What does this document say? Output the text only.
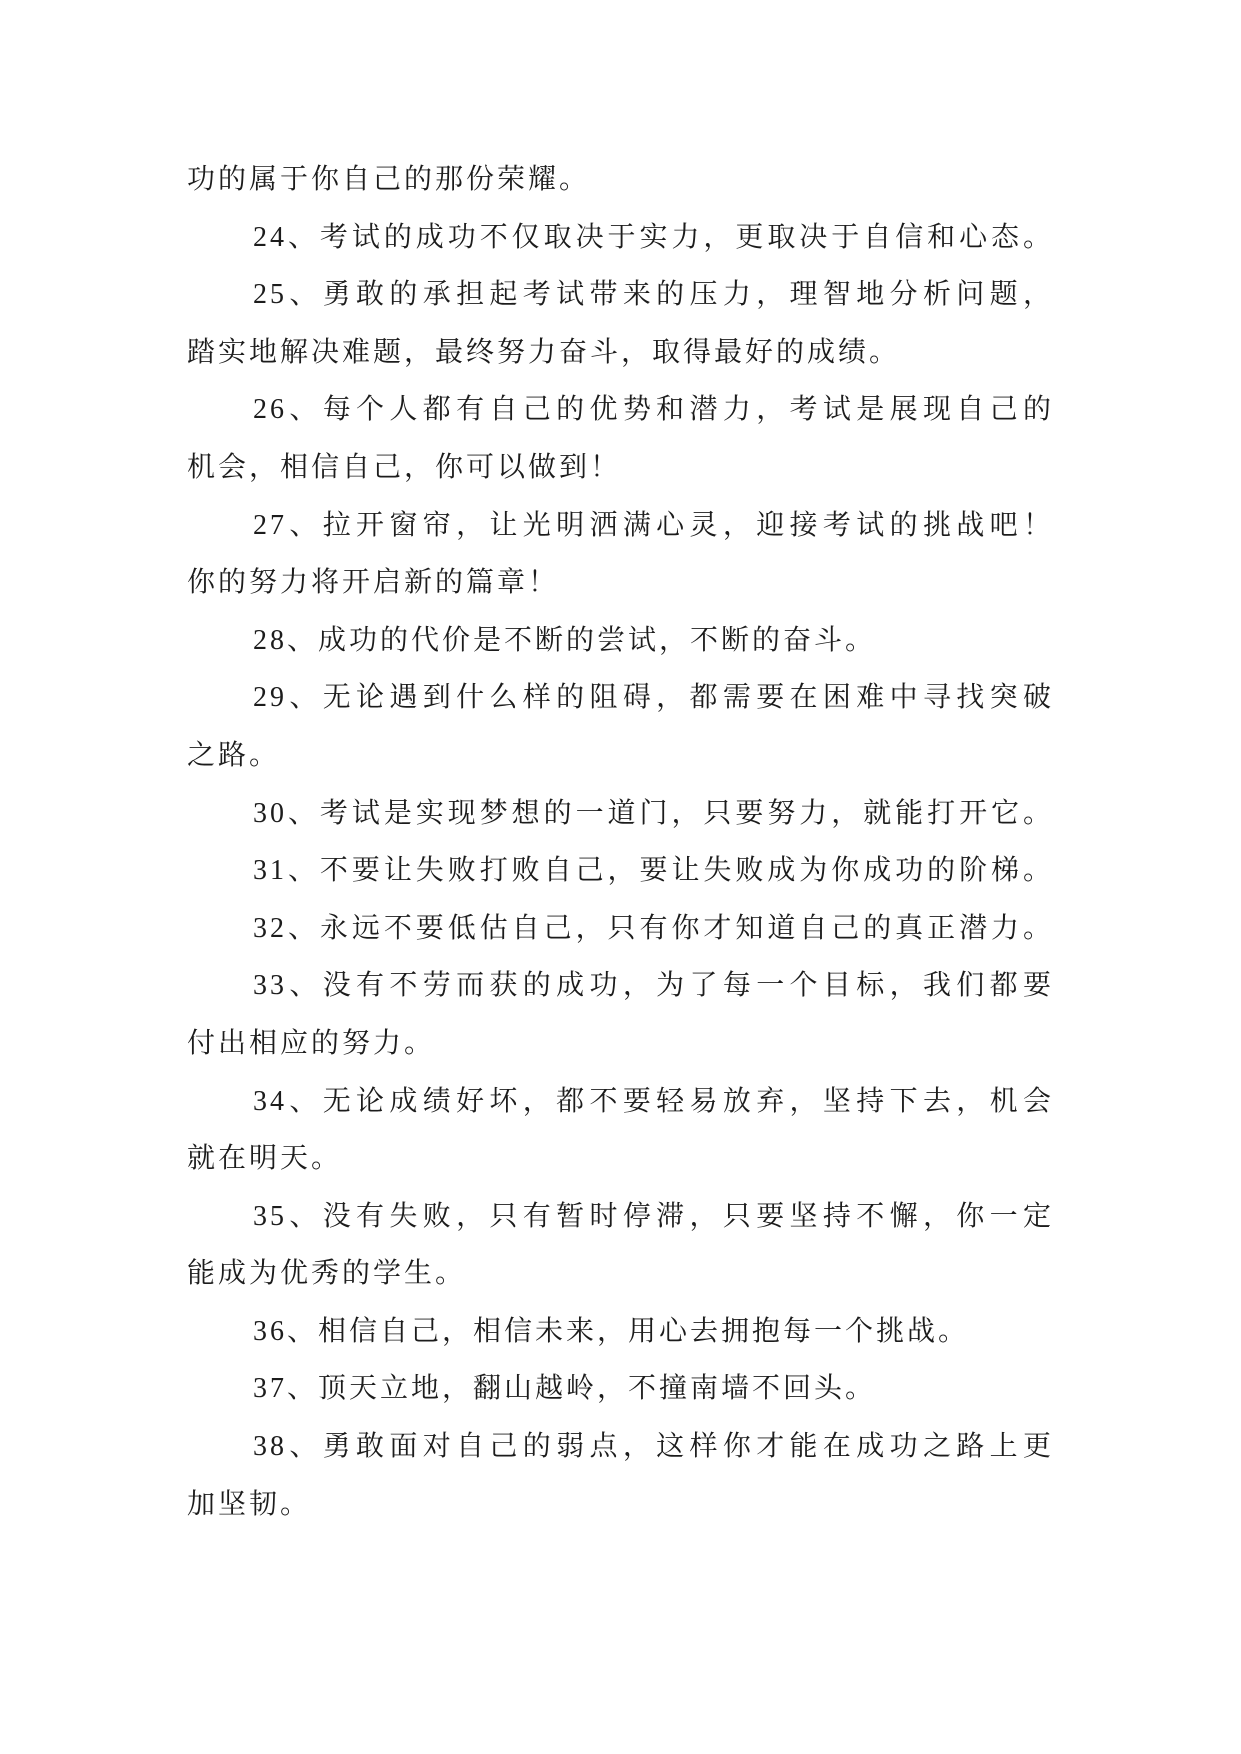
功的属于你自己的那份荣耀。
24、考试的成功不仅取决于实力，更取决于自信和心态。
25、勇敢的承担起考试带来的压力，理智地分析问题，
踏实地解决难题，最终努力奋斗，取得最好的成绩。
26、每个人都有自己的优势和潜力，考试是展现自己的
机会，相信自己，你可以做到！
27、拉开窗帘，让光明洒满心灵，迎接考试的挑战吧！
你的努力将开启新的篇章！
28、成功的代价是不断的尝试，不断的奋斗。
29、无论遇到什么样的阻碍，都需要在困难中寻找突破
之路。
30、考试是实现梦想的一道门，只要努力，就能打开它。
31、不要让失败打败自己，要让失败成为你成功的阶梯。
32、永远不要低估自己，只有你才知道自己的真正潜力。
33、没有不劳而获的成功，为了每一个目标，我们都要
付出相应的努力。
34、无论成绩好坏，都不要轻易放弃，坚持下去，机会
就在明天。
35、没有失败，只有暂时停滞，只要坚持不懈，你一定
能成为优秀的学生。
36、相信自己，相信未来，用心去拥抱每一个挑战。
37、顶天立地，翻山越岭，不撞南墙不回头。
38、勇敢面对自己的弱点，这样你才能在成功之路上更
加坚韧。
